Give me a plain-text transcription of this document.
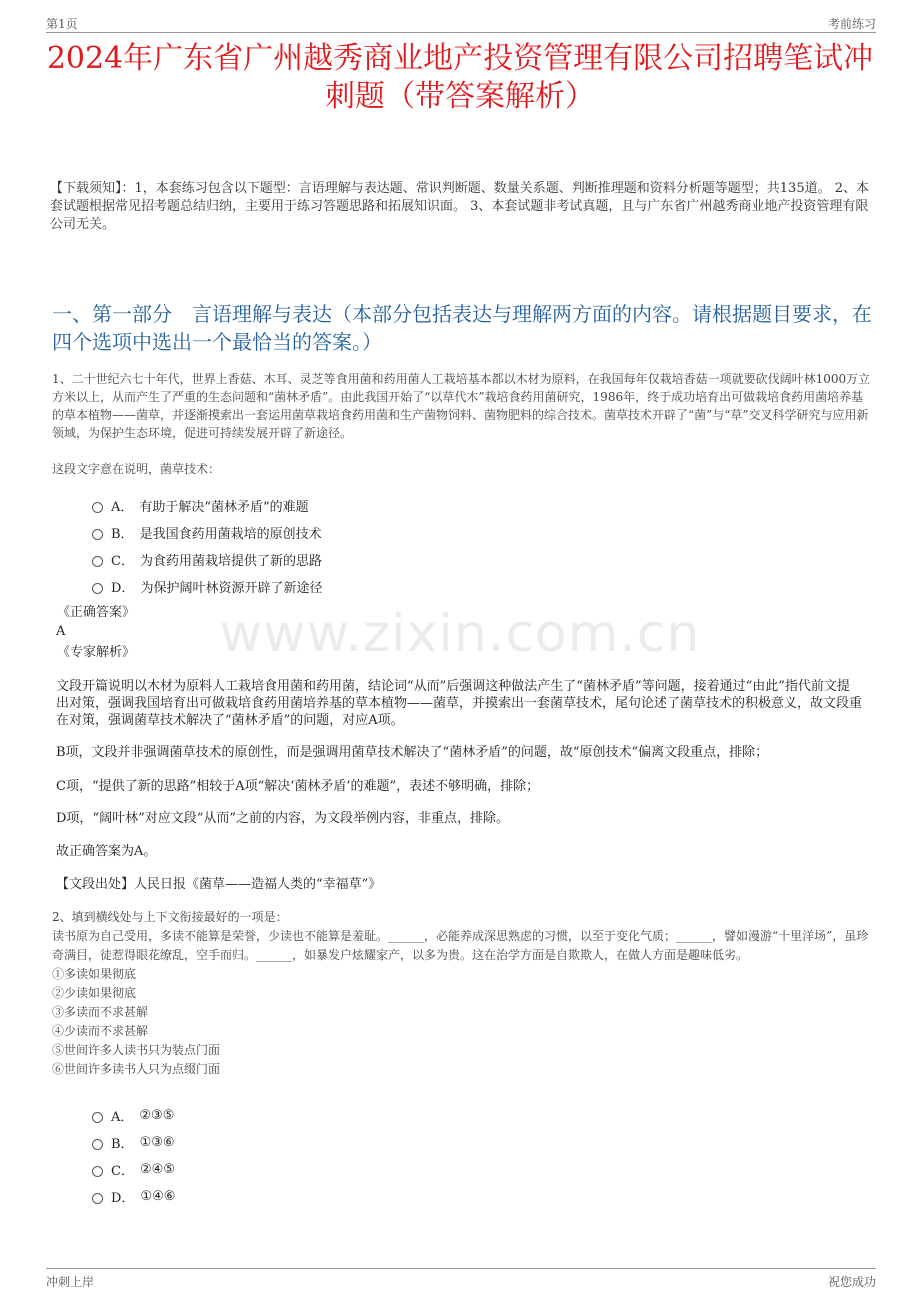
第1页	考前练习
2024年广东省广州越秀商业地产投资管理有限公司招聘笔试冲刺题（带答案解析）
【下载须知】：1，本套练习包含以下题型：言语理解与表达题、常识判断题、数量关系题、判断推理题和资料分析题等题型；共135道。 2、本套试题根据常见招考题总结归纳，主要用于练习答题思路和拓展知识面。 3、本套试题非考试真题，且与广东省广州越秀商业地产投资管理有限公司无关。
一、第一部分　言语理解与表达（本部分包括表达与理解两方面的内容。请根据题目要求，在四个选项中选出一个最恰当的答案。）
1、二十世纪六七十年代，世界上香菇、木耳、灵芝等食用菌和药用菌人工栽培基本都以木材为原料，在我国每年仅栽培香菇一项就要砍伐阔叶林1000万立方米以上，从而产生了严重的生态问题和“菌林矛盾”。由此我国开始了“以草代木”栽培食药用菌研究，1986年，终于成功培育出可做栽培食药用菌培养基的草本植物——菌草，并逐渐摸索出一套运用菌草栽培食药用菌和生产菌物饲料、菌物肥料的综合技术。菌草技术开辟了“菌”与“草”交叉科学研究与应用新领域，为保护生态环境，促进可持续发展开辟了新途径。
这段文字意在说明，菌草技术：
A． 有助于解决“菌林矛盾”的难题
B． 是我国食药用菌栽培的原创技术
C． 为食药用菌栽培提供了新的思路
D． 为保护阔叶林资源开辟了新途径
《正确答案》
A
《专家解析》	www.zixin.com.cn
文段开篇说明以木材为原料人工栽培食用菌和药用菌，结论词“从而”后强调这种做法产生了“菌林矛盾”等问题，接着通过“由此”指代前文提出对策，强调我国培育出可做栽培食药用菌培养基的草本植物——菌草，并摸索出一套菌草技术，尾句论述了菌草技术的积极意义，故文段重在对策，强调菌草技术解决了“菌林矛盾”的问题，对应A项。
B项，文段并非强调菌草技术的原创性，而是强调用菌草技术解决了“菌林矛盾”的问题，故“原创技术”偏离文段重点，排除；
C项，“提供了新的思路”相较于A项“解决‘菌林矛盾’的难题”，表述不够明确，排除；
D项，“阔叶林”对应文段“从而”之前的内容，为文段举例内容，非重点，排除。
故正确答案为A。
【文段出处】人民日报《菌草——造福人类的“幸福草”》
2、填到横线处与上下文衔接最好的一项是：
读书原为自己受用，多读不能算是荣誉，少读也不能算是羞耻。______，必能养成深思熟虑的习惯，以至于变化气质；______，譬如漫游“十里洋场”，虽珍奇满目，徒惹得眼花缭乱，空手而归。______，如暴发户炫耀家产，以多为贵。这在治学方面是自欺欺人，在做人方面是趣味低劣。
①多读如果彻底
②少读如果彻底
③多读而不求甚解
④少读而不求甚解
⑤世间许多人读书只为装点门面
⑥世间许多读书人只为点缀门面
A． ②③⑤
B． ①③⑥
C． ②④⑤
D． ①④⑥
冲刺上岸	祝您成功
